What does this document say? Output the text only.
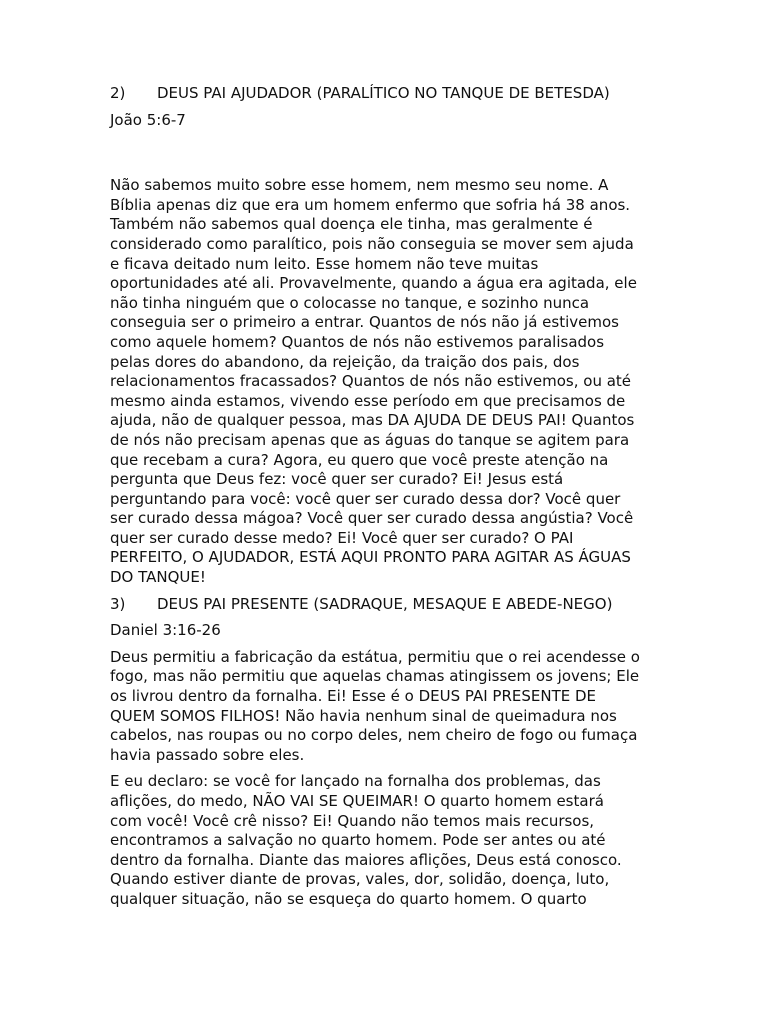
2) DEUS PAI AJUDADOR (PARALÍTICO NO TANQUE DE BETESDA)
João 5:6-7
Não sabemos muito sobre esse homem, nem mesmo seu nome. A
Bíblia apenas diz que era um homem enfermo que sofria há 38 anos.
Também não sabemos qual doença ele tinha, mas geralmente é
considerado como paralítico, pois não conseguia se mover sem ajuda
e ficava deitado num leito. Esse homem não teve muitas
oportunidades até ali. Provavelmente, quando a água era agitada, ele
não tinha ninguém que o colocasse no tanque, e sozinho nunca
conseguia ser o primeiro a entrar. Quantos de nós não já estivemos
como aquele homem? Quantos de nós não estivemos paralisados
pelas dores do abandono, da rejeição, da traição dos pais, dos
relacionamentos fracassados? Quantos de nós não estivemos, ou até
mesmo ainda estamos, vivendo esse período em que precisamos de
ajuda, não de qualquer pessoa, mas DA AJUDA DE DEUS PAI! Quantos
de nós não precisam apenas que as águas do tanque se agitem para
que recebam a cura? Agora, eu quero que você preste atenção na
pergunta que Deus fez: você quer ser curado? Ei! Jesus está
perguntando para você: você quer ser curado dessa dor? Você quer
ser curado dessa mágoa? Você quer ser curado dessa angústia? Você
quer ser curado desse medo? Ei! Você quer ser curado? O PAI
PERFEITO, O AJUDADOR, ESTÁ AQUI PRONTO PARA AGITAR AS ÁGUAS
DO TANQUE!
3) DEUS PAI PRESENTE (SADRAQUE, MESAQUE E ABEDE-NEGO)
Daniel 3:16-26
Deus permitiu a fabricação da estátua, permitiu que o rei acendesse o
fogo, mas não permitiu que aquelas chamas atingissem os jovens; Ele
os livrou dentro da fornalha. Ei! Esse é o DEUS PAI PRESENTE DE
QUEM SOMOS FILHOS! Não havia nenhum sinal de queimadura nos
cabelos, nas roupas ou no corpo deles, nem cheiro de fogo ou fumaça
havia passado sobre eles.
E eu declaro: se você for lançado na fornalha dos problemas, das
aflições, do medo, NÃO VAI SE QUEIMAR! O quarto homem estará
com você! Você crê nisso? Ei! Quando não temos mais recursos,
encontramos a salvação no quarto homem. Pode ser antes ou até
dentro da fornalha. Diante das maiores aflições, Deus está conosco.
Quando estiver diante de provas, vales, dor, solidão, doença, luto,
qualquer situação, não se esqueça do quarto homem. O quarto
